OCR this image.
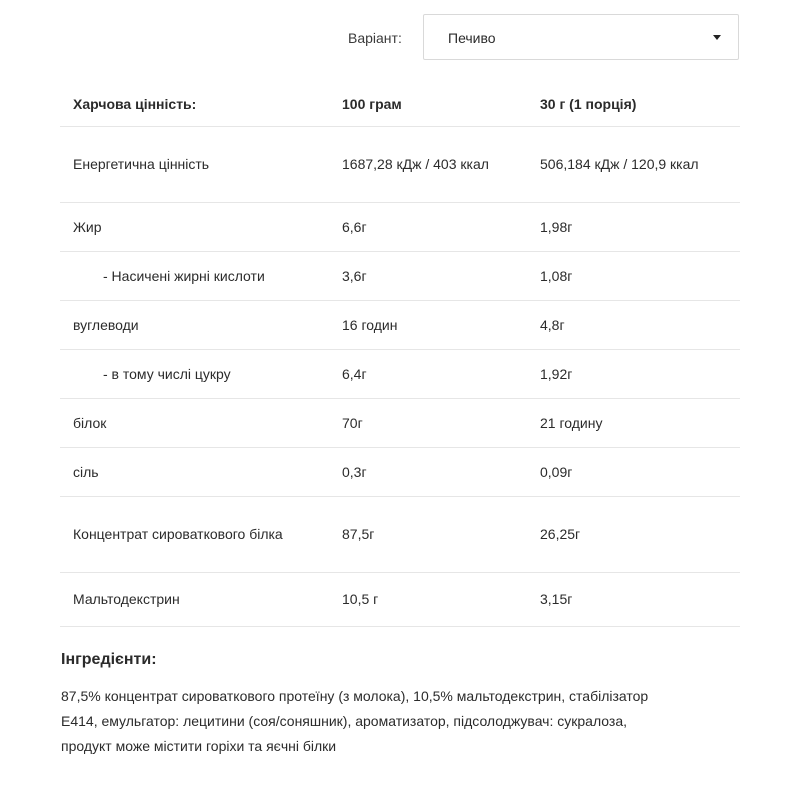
Варіант:	Печиво
Харчова цінність:	100 грам	30 г (1 порція)
Енергетична цінність	1687,28 кДж / 403 ккал	506,184 кДж / 120,9 ккал
Жир	6,6г	1,98г
- Насичені жирні кислоти	3,6г	1,08г
вуглеводи	16 годин	4,8г
- в тому числі цукру	6,4г	1,92г
білок	70г	21 годину
сіль	0,3г	0,09г
Концентрат сироваткового білка	87,5г	26,25г
Мальтодекстрин	10,5 г	3,15г
Інгредієнти:
87,5% концентрат сироваткового протеїну (з молока), 10,5% мальтодекстрин, стабілізатор Е414, емульгатор: лецитини (соя/соняшник), ароматизатор, підсолоджувач: сукралоза, продукт може містити горіхи та яєчні білки
